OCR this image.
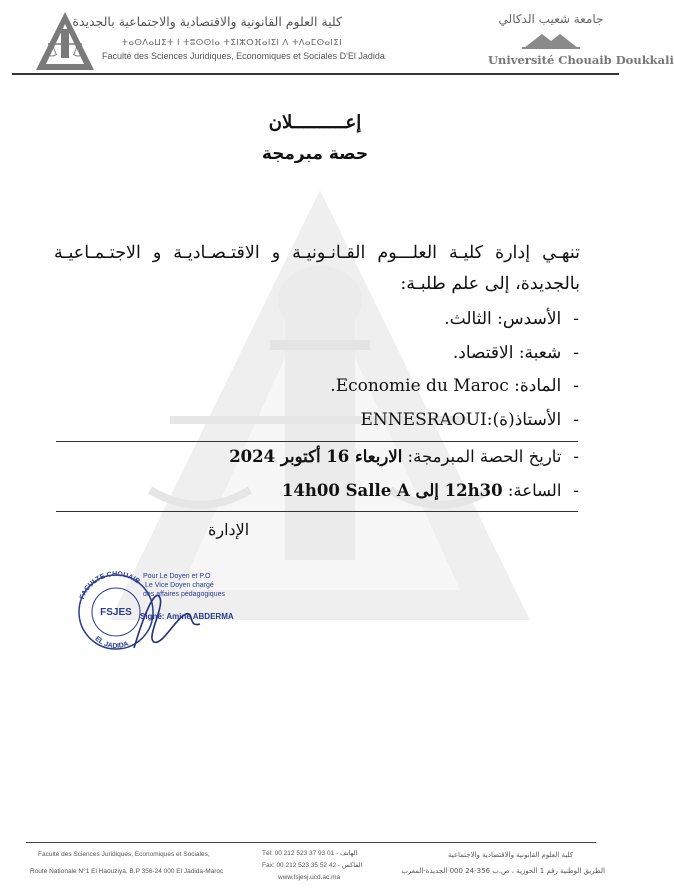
كلية العلوم القانونية والاقتصادية والاجتماعية بالجديدة
ⵜⴰⵙⴷⴰⵡⵉⵜ ⵏ ⵜⵓⵙⵙⵏⴰ ⵜⵉⵏⵣⵔⴼⴰⵏⵉⵏ ⴷ ⵜⴷⴰⵎⵙⴰⵏⵉⵏ
Faculté des Sciences Juridiques, Economiques et Sociales D'El Jadida
جامعة شعيب الدكالي
Université Chouaib Doukkali
إعــــــــــلان
حصة مبرمجة
تنهـي إدارة كليـة العلـــوم القـانـونيـة و الاقتـصـاديـة و الاجتـمـاعيـة بالجديدة، إلى علم طلبـة:
-الأسدس: الثالث.
-شعبة: الاقتصاد.
-المادة: Economie du Maroc.
-الأستاذ(ة):ENNESRAOUI
-تاريخ الحصة المبرمجة: الاربعاء 16 أكتوبر 2024
-الساعة: 12h30 إلى 14h00 Salle A
الإدارة
FACULTE CHOUAIB
EL JADIDA
FSJES
Pour Le Doyen et P.O
Le Vice Doyen chargé
des affaires pédagogiques
Signé: Amine ABDERMA
Faculté des Sciences Juridiques, Economiques et Sociales,
Route Nationale N°1 El Haouziya, B.P 356-24 000 El Jadida-Maroc
Tél: 00 212 523 37 93 01 - الهاتف
Fax: 00 212 523 35 52 42 - الفاكس
www.fsjesj.ucd.ac.ma
كلية العلوم القانونية والاقتصادية والاجتماعية
الطريق الوطنية رقم 1 الحوزية ، ص.ب 356-24 000 الجديدة-المغرب
